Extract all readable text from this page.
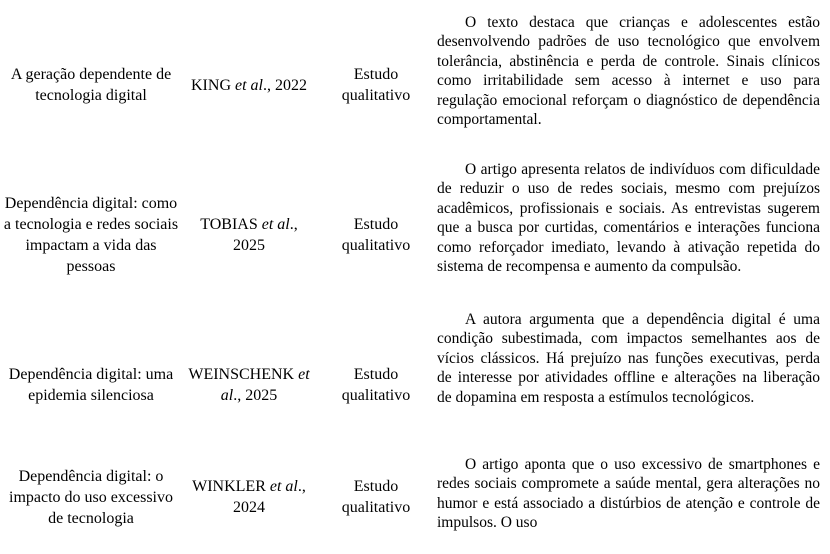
A geração dependente de tecnologia digital
KING et al., 2022
Estudo qualitativo
O texto destaca que crianças e adolescentes estão desenvolvendo padrões de uso tecnológico que envolvem tolerância, abstinência e perda de controle. Sinais clínicos como irritabilidade sem acesso à internet e uso para regulação emocional reforçam o diagnóstico de dependência comportamental.
Dependência digital: como a tecnologia e redes sociais impactam a vida das pessoas
TOBIAS et al., 2025
Estudo qualitativo
O artigo apresenta relatos de indivíduos com dificuldade de reduzir o uso de redes sociais, mesmo com prejuízos acadêmicos, profissionais e sociais. As entrevistas sugerem que a busca por curtidas, comentários e interações funciona como reforçador imediato, levando à ativação repetida do sistema de recompensa e aumento da compulsão.
Dependência digital: uma epidemia silenciosa
WEINSCHENK et al., 2025
Estudo qualitativo
A autora argumenta que a dependência digital é uma condição subestimada, com impactos semelhantes aos de vícios clássicos. Há prejuízo nas funções executivas, perda de interesse por atividades offline e alterações na liberação de dopamina em resposta a estímulos tecnológicos.
Dependência digital: o impacto do uso excessivo de tecnologia
WINKLER et al., 2024
Estudo qualitativo
O artigo aponta que o uso excessivo de smartphones e redes sociais compromete a saúde mental, gera alterações no humor e está associado a distúrbios de atenção e controle de impulsos. O uso
